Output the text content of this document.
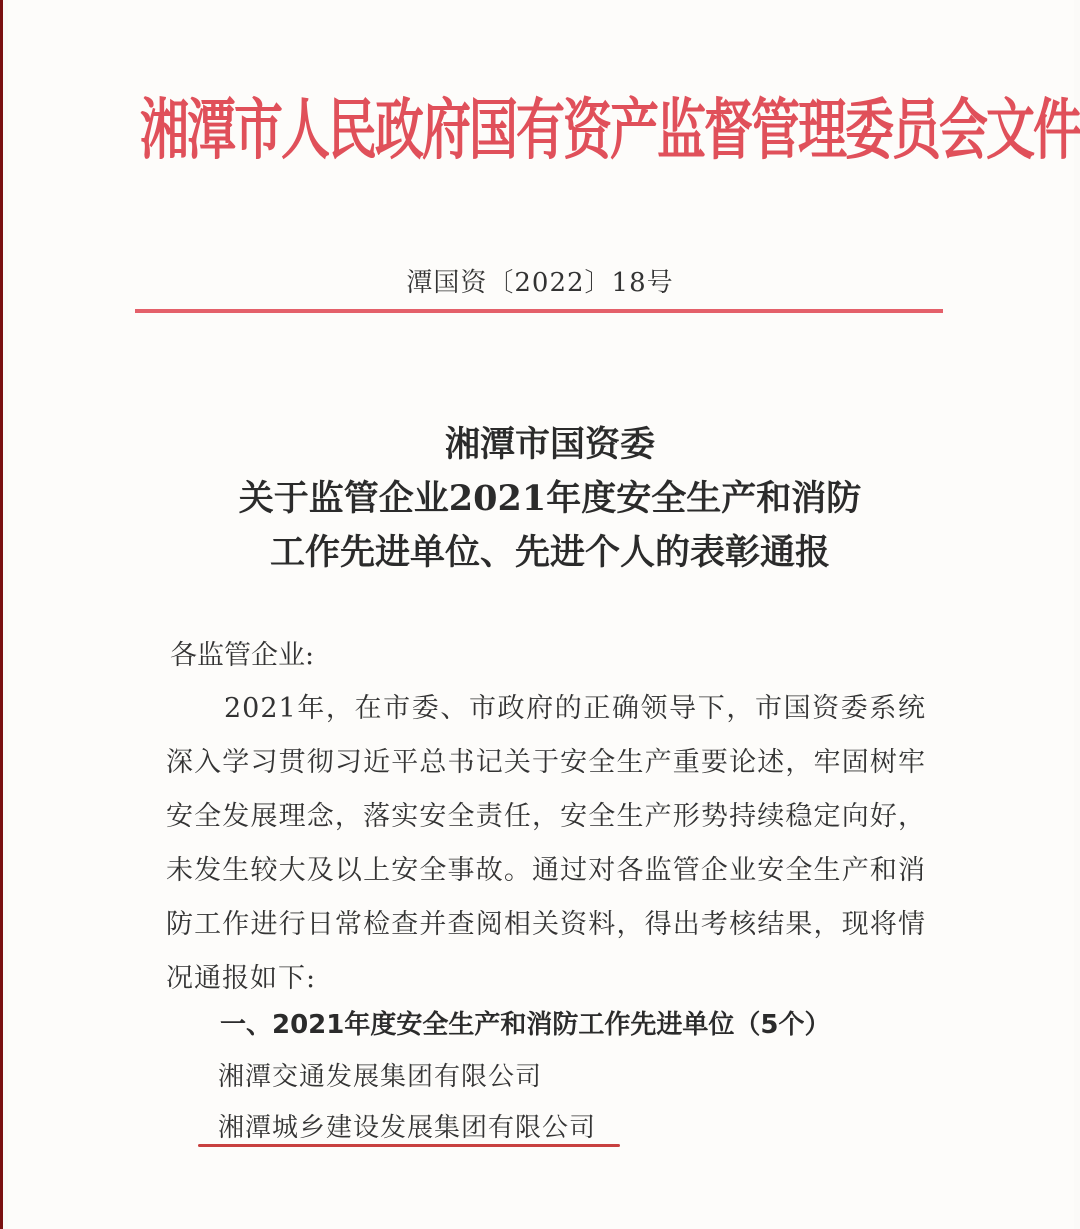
湘潭市人民政府国有资产监督管理委员会文件
潭国资〔2022〕18号
湘潭市国资委
关于监管企业2021年度安全生产和消防
工作先进单位、先进个人的表彰通报
各监管企业:
2021年，在市委、市政府的正确领导下，市国资委系统深入学习贯彻习近平总书记关于安全生产重要论述，牢固树牢安全发展理念，落实安全责任，安全生产形势持续稳定向好，未发生较大及以上安全事故。通过对各监管企业安全生产和消防工作进行日常检查并查阅相关资料，得出考核结果，现将情况通报如下:
一、2021年度安全生产和消防工作先进单位（5个）
湘潭交通发展集团有限公司
湘潭城乡建设发展集团有限公司
